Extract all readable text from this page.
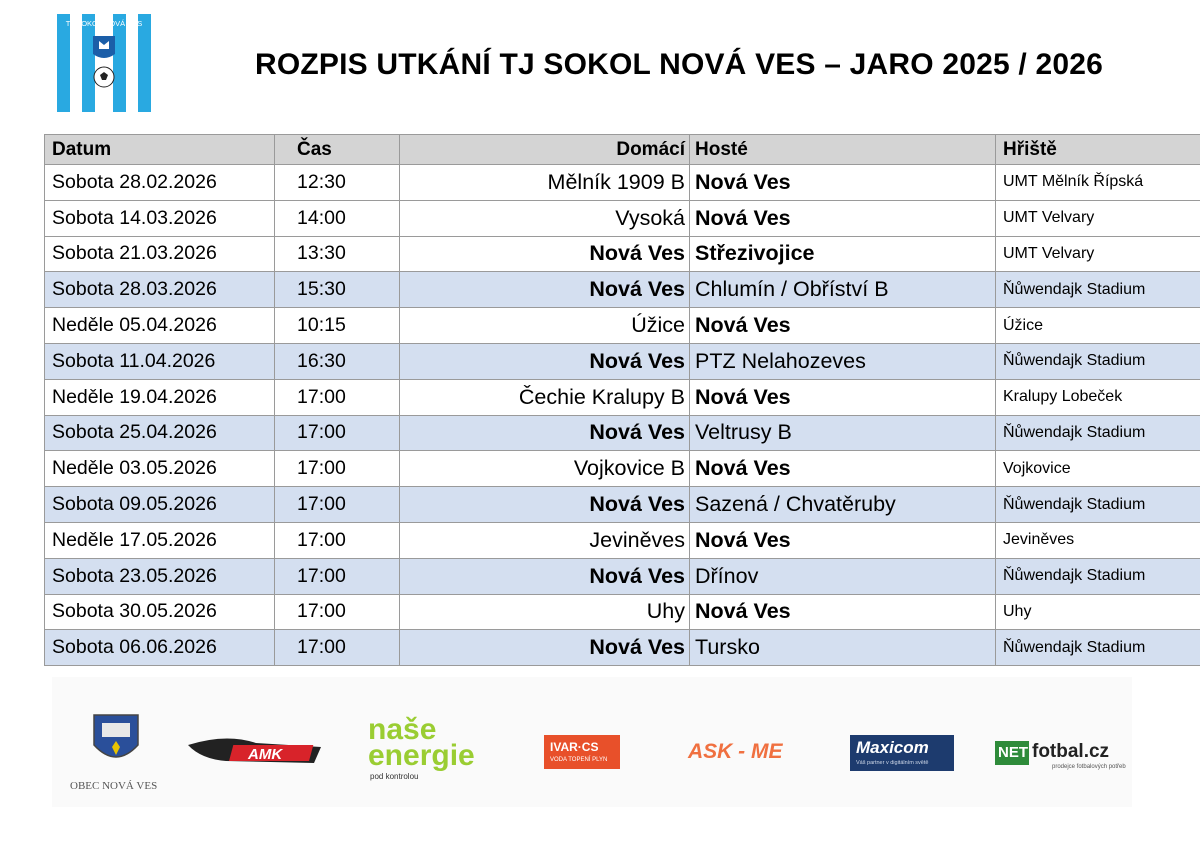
TJ SOKOL NOVÁ VES
1940
ROZPIS UTKÁNÍ TJ SOKOL NOVÁ VES – JARO 2025 / 2026
Datum	Čas	Domácí	Hosté	Hřiště
Sobota 28.02.2026	12:30	Mělník 1909 B	Nová Ves	UMT Mělník Řípská
Sobota 14.03.2026	14:00	Vysoká	Nová Ves	UMT Velvary
Sobota 21.03.2026	13:30	Nová Ves	Střezivojice	UMT Velvary
Sobota 28.03.2026	15:30	Nová Ves	Chlumín / Obříství B	Ňůwendajk Stadium
Neděle 05.04.2026	10:15	Úžice	Nová Ves	Úžice
Sobota 11.04.2026	16:30	Nová Ves	PTZ Nelahozeves	Ňůwendajk Stadium
Neděle 19.04.2026	17:00	Čechie Kralupy B	Nová Ves	Kralupy Lobeček
Sobota 25.04.2026	17:00	Nová Ves	Veltrusy B	Ňůwendajk Stadium
Neděle 03.05.2026	17:00	Vojkovice B	Nová Ves	Vojkovice
Sobota 09.05.2026	17:00	Nová Ves	Sazená / Chvatěruby	Ňůwendajk Stadium
Neděle 17.05.2026	17:00	Jeviněves	Nová Ves	Jeviněves
Sobota 23.05.2026	17:00	Nová Ves	Dřínov	Ňůwendajk Stadium
Sobota 30.05.2026	17:00	Uhy	Nová Ves	Uhy
Sobota 06.06.2026	17:00	Nová Ves	Tursko	Ňůwendajk Stadium
OBEC NOVÁ VES
AMK
naše
energie
pod kontrolou
IVAR·CS
VODA TOPENÍ PLYN	ASK - ME	Maxicom
Váš partner v digitálním světě
NET fotbal.cz
prodejce fotbalových potřeb
